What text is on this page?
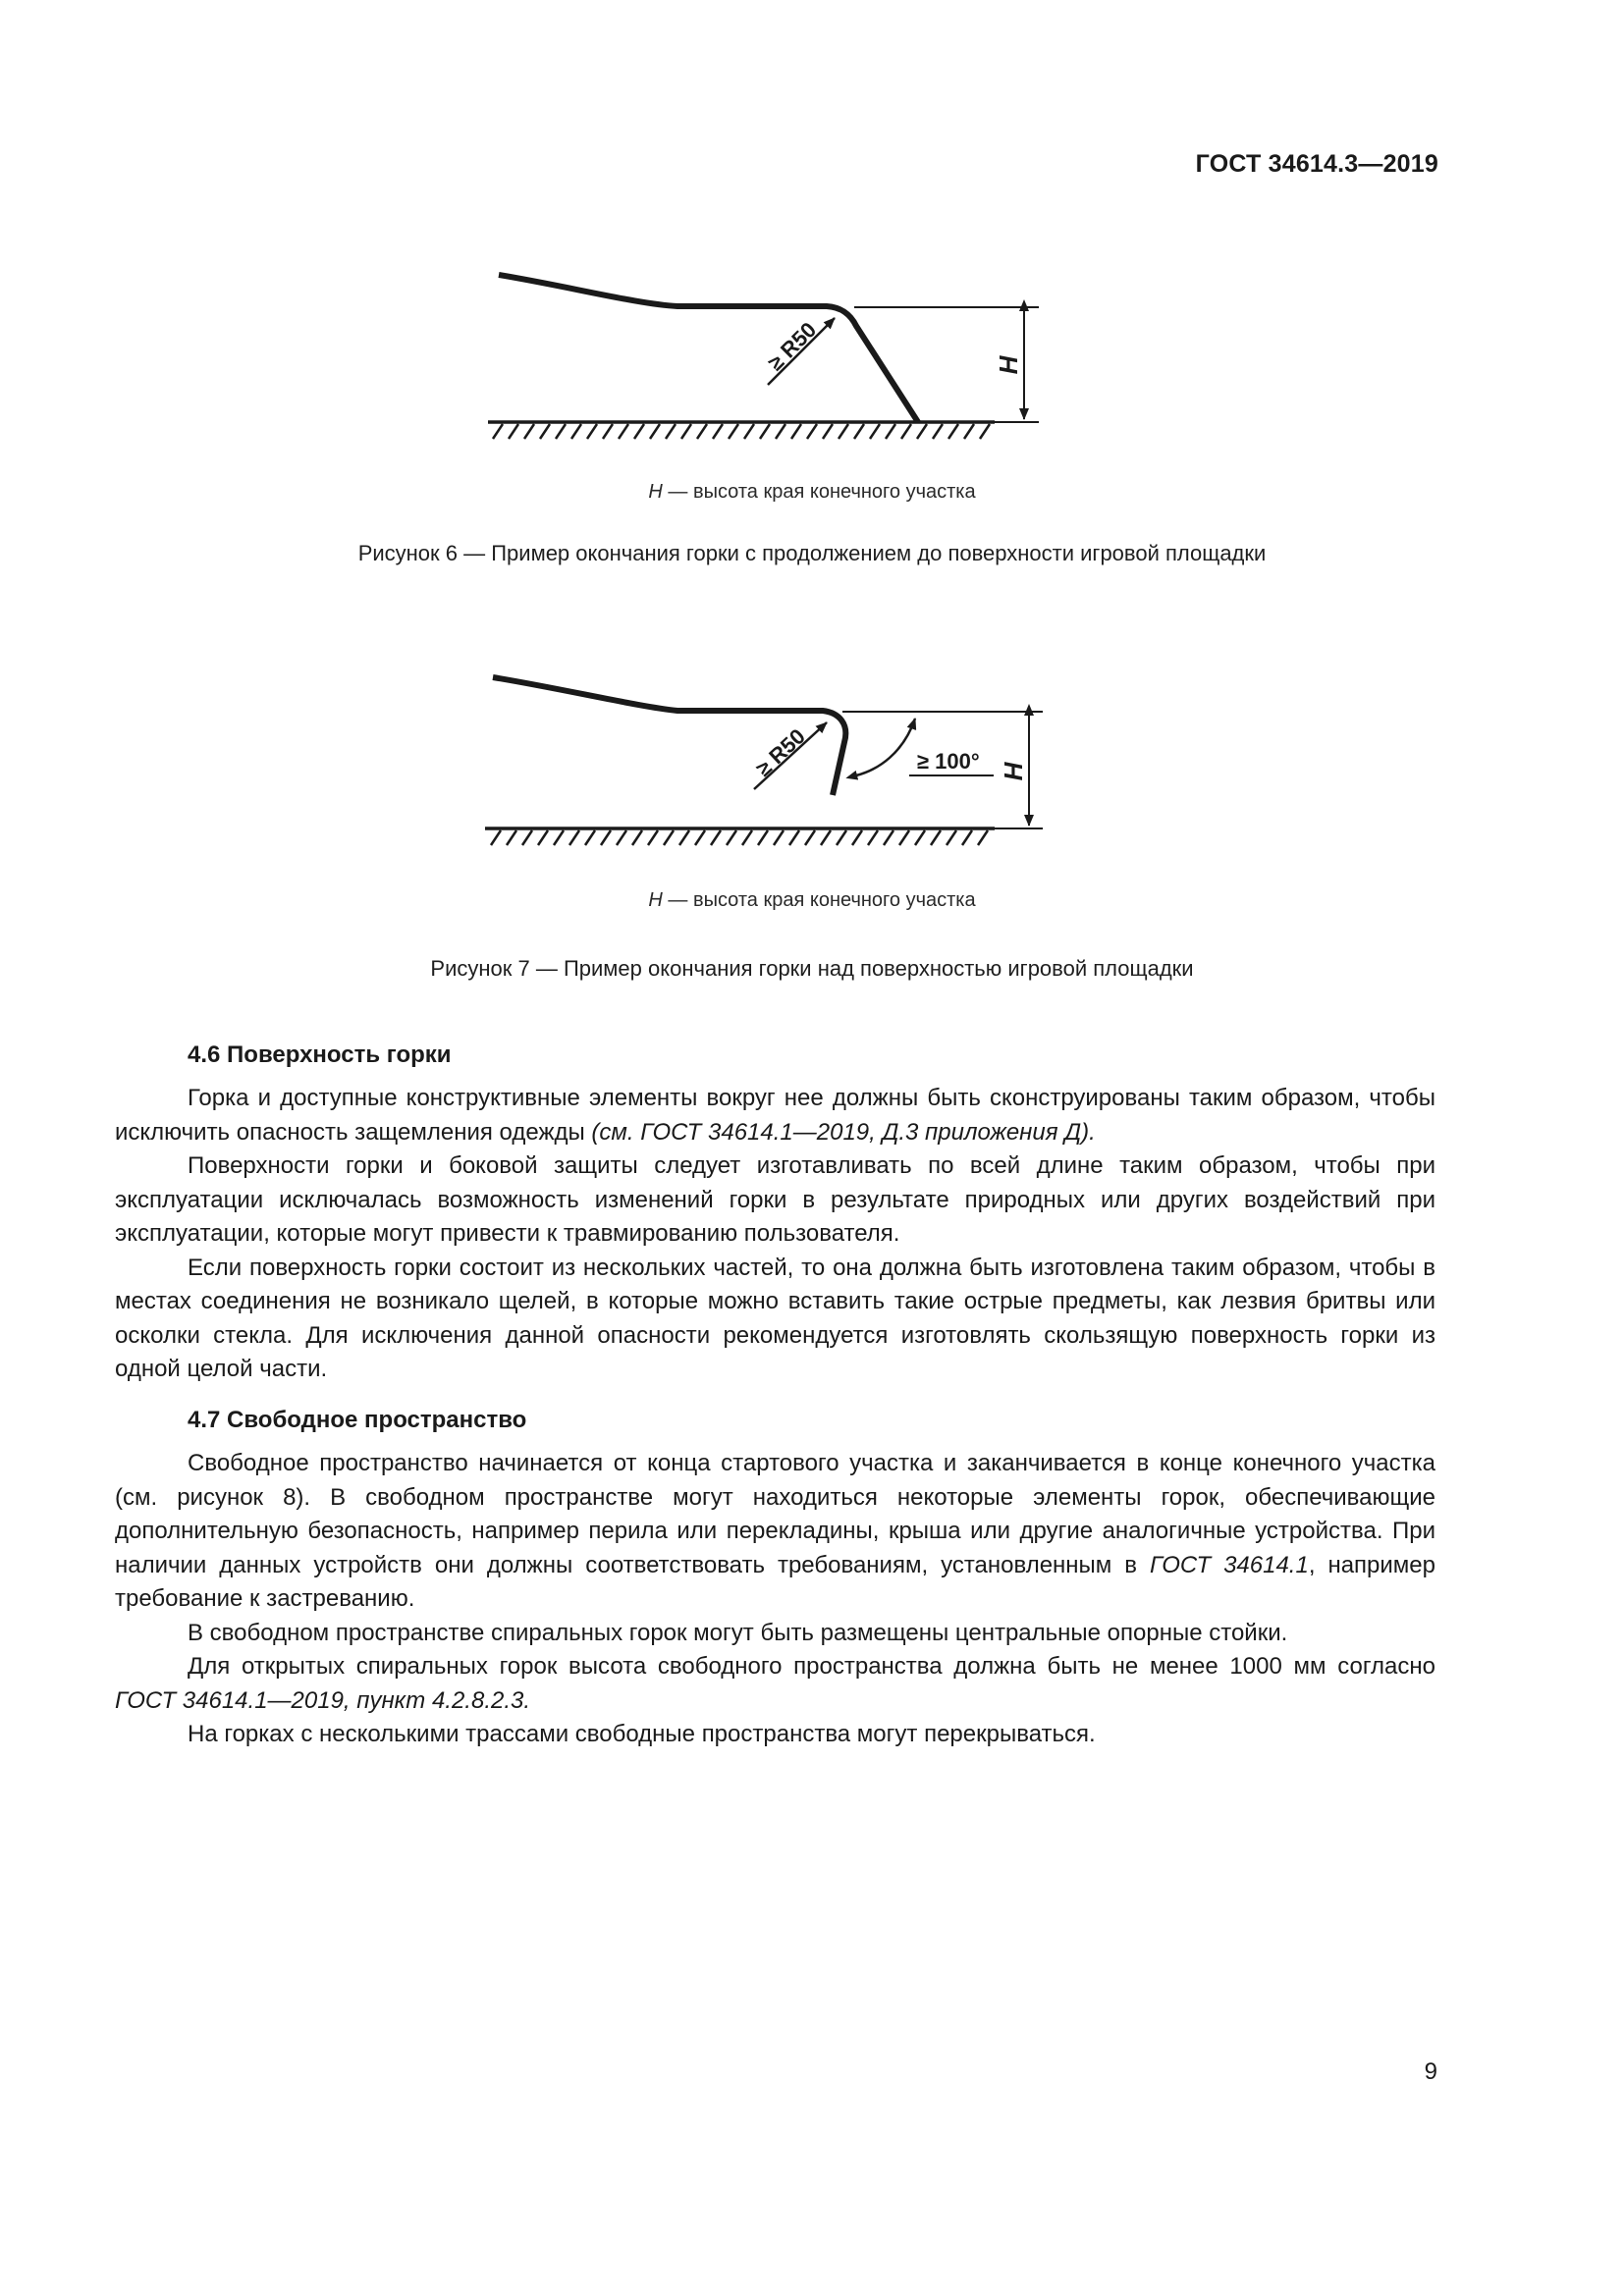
ГОСТ 34614.3—2019
H
≥ R50
H — высота края конечного участка
Рисунок 6 — Пример окончания горки с продолжением до поверхности игровой площадки
H
≥ 100°
≥ R50
H — высота края конечного участка
Рисунок 7 — Пример окончания горки над поверхностью игровой площадки
4.6 Поверхность горки

Горка и доступные конструктивные элементы вокруг нее должны быть сконструированы таким образом, чтобы исключить опасность защемления одежды (см. ГОСТ 34614.1—2019, Д.3 приложения Д).

Поверхности горки и боковой защиты следует изготавливать по всей длине таким образом, чтобы при эксплуатации исключалась возможность изменений горки в результате природных или других воздействий при эксплуатации, которые могут привести к травмированию пользователя.

Если поверхность горки состоит из нескольких частей, то она должна быть изготовлена таким образом, чтобы в местах соединения не возникало щелей, в которые можно вставить такие острые предметы, как лезвия бритвы или осколки стекла. Для исключения данной опасности рекомендуется изготовлять скользящую поверхность горки из одной целой части.

4.7 Свободное пространство

Свободное пространство начинается от конца стартового участка и заканчивается в конце конечного участка (см. рисунок 8). В свободном пространстве могут находиться некоторые элементы горок, обеспечивающие дополнительную безопасность, например перила или перекладины, крыша или другие аналогичные устройства. При наличии данных устройств они должны соответствовать требованиям, установленным в ГОСТ 34614.1, например требование к застреванию.

В свободном пространстве спиральных горок могут быть размещены центральные опорные стойки.

Для открытых спиральных горок высота свободного пространства должна быть не менее 1000 мм согласно ГОСТ 34614.1—2019, пункт 4.2.8.2.3.

На горках с несколькими трассами свободные пространства могут перекрываться.

9
